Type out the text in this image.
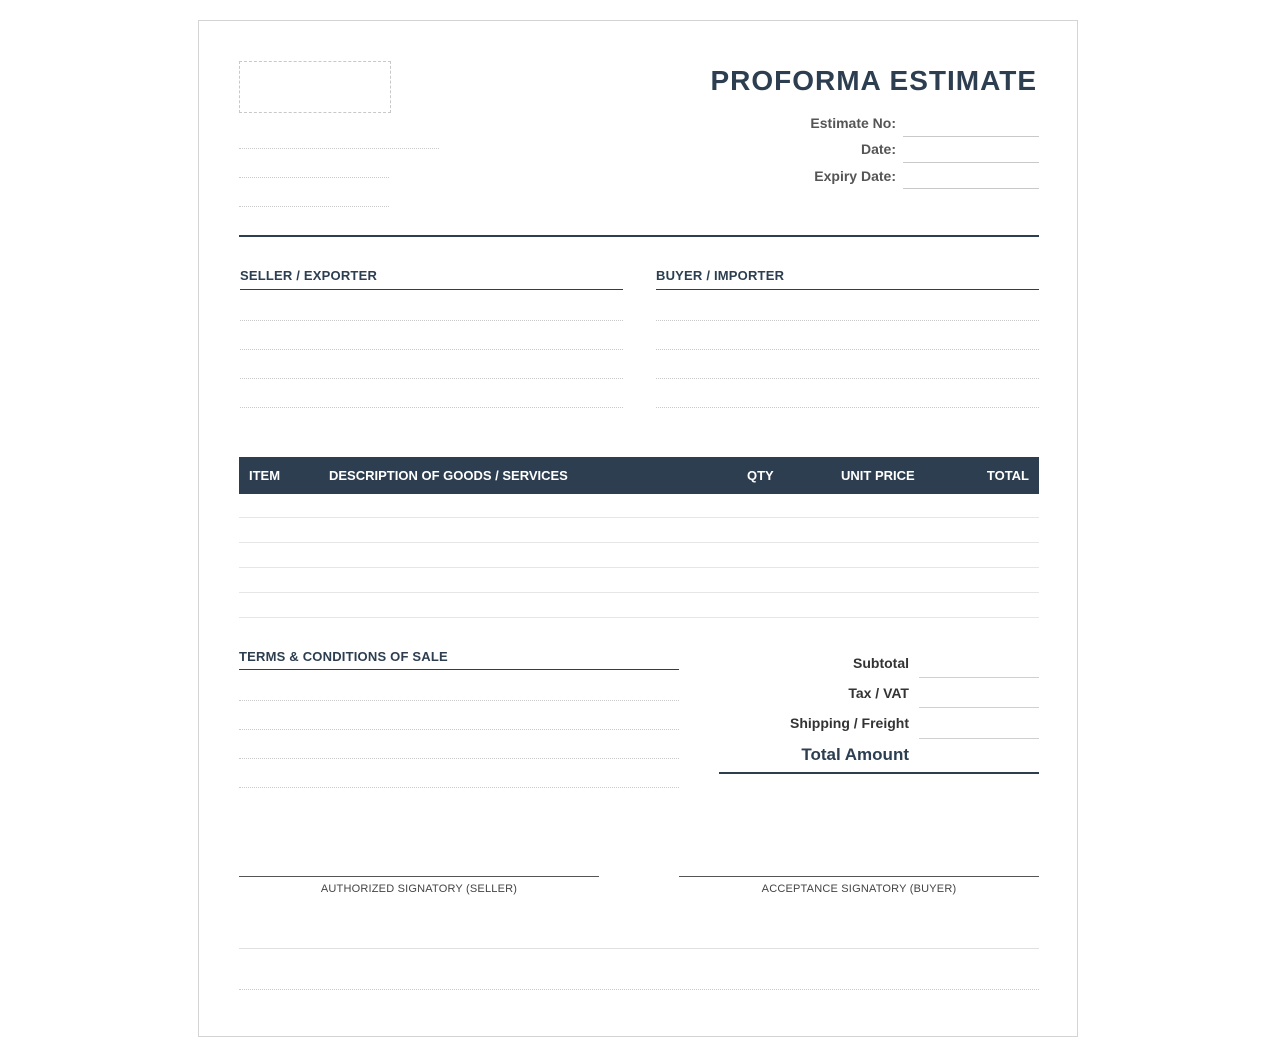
PROFORMA ESTIMATE
Estimate No:
Date:
Expiry Date:
SELLER / EXPORTER	BUYER / IMPORTER
ITEM	DESCRIPTION OF GOODS / SERVICES	QTY	UNIT PRICE	TOTAL
TERMS & CONDITIONS OF SALE	Subtotal
Tax / VAT
Shipping / Freight
Total Amount
AUTHORIZED SIGNATORY (SELLER)	ACCEPTANCE SIGNATORY (BUYER)
